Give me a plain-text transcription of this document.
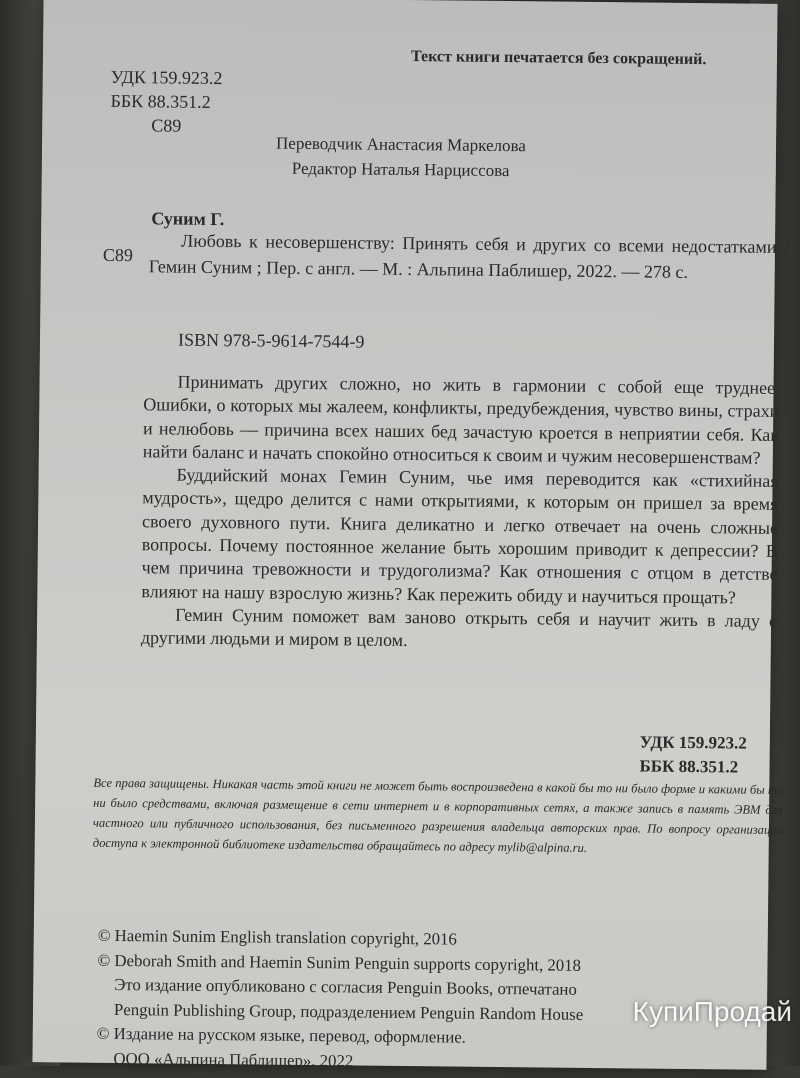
Текст книги печатается без сокращений.
УДК 159.923.2
ББК 88.351.2
С89
Переводчик Анастасия Маркелова
Редактор Наталья Нарциссова
Суним Г.
С89	Любовь к несовершенству: Принять себя и других со всеми недостатками / Гемин Суним ; Пер. с англ. — М. : Альпина Паблишер, 2022. — 278 с.
ISBN 978-5-9614-7544-9

Принимать других сложно, но жить в гармонии с собой еще труднее. Ошибки, о которых мы жалеем, конфликты, предубеждения, чувство вины, страхи и нелюбовь — причина всех наших бед зачастую кроется в неприятии себя. Как найти баланс и начать спокойно относиться к своим и чужим несовершенствам?

Буддийский монах Гемин Суним, чье имя переводится как «стихийная мудрость», щедро делится с нами открытиями, к которым он пришел за время своего духовного пути. Книга деликатно и легко отвечает на очень сложные вопросы. Почему постоянное желание быть хорошим приводит к депрессии? В чем причина тревожности и трудоголизма? Как отношения с отцом в детстве влияют на нашу взрослую жизнь? Как пережить обиду и научиться прощать?

Гемин Суним поможет вам заново открыть себя и научит жить в ладу с другими людьми и миром в целом.

УДК 159.923.2
ББК 88.351.2
Все права защищены. Никакая часть этой книги не может быть воспроизведена в какой бы то ни было форме и какими бы то ни было средствами, включая размещение в сети интернет и в корпоративных сетях, а также запись в память ЭВМ для частного или публичного использования, без письменного разрешения владельца авторских прав. По вопросу организации доступа к электронной библиотеке издательства обращайтесь по адресу mylib@alpina.ru.
© Haemin Sunim English translation copyright, 2016
© Deborah Smith and Haemin Sunim Penguin supports copyright, 2018
Это издание опубликовано с согласия Penguin Books, отпечатано
Penguin Publishing Group, подразделением Penguin Random House
© Издание на русском языке, перевод, оформление.
ООО «Альпина Паблишер», 2022
КупиПродай
